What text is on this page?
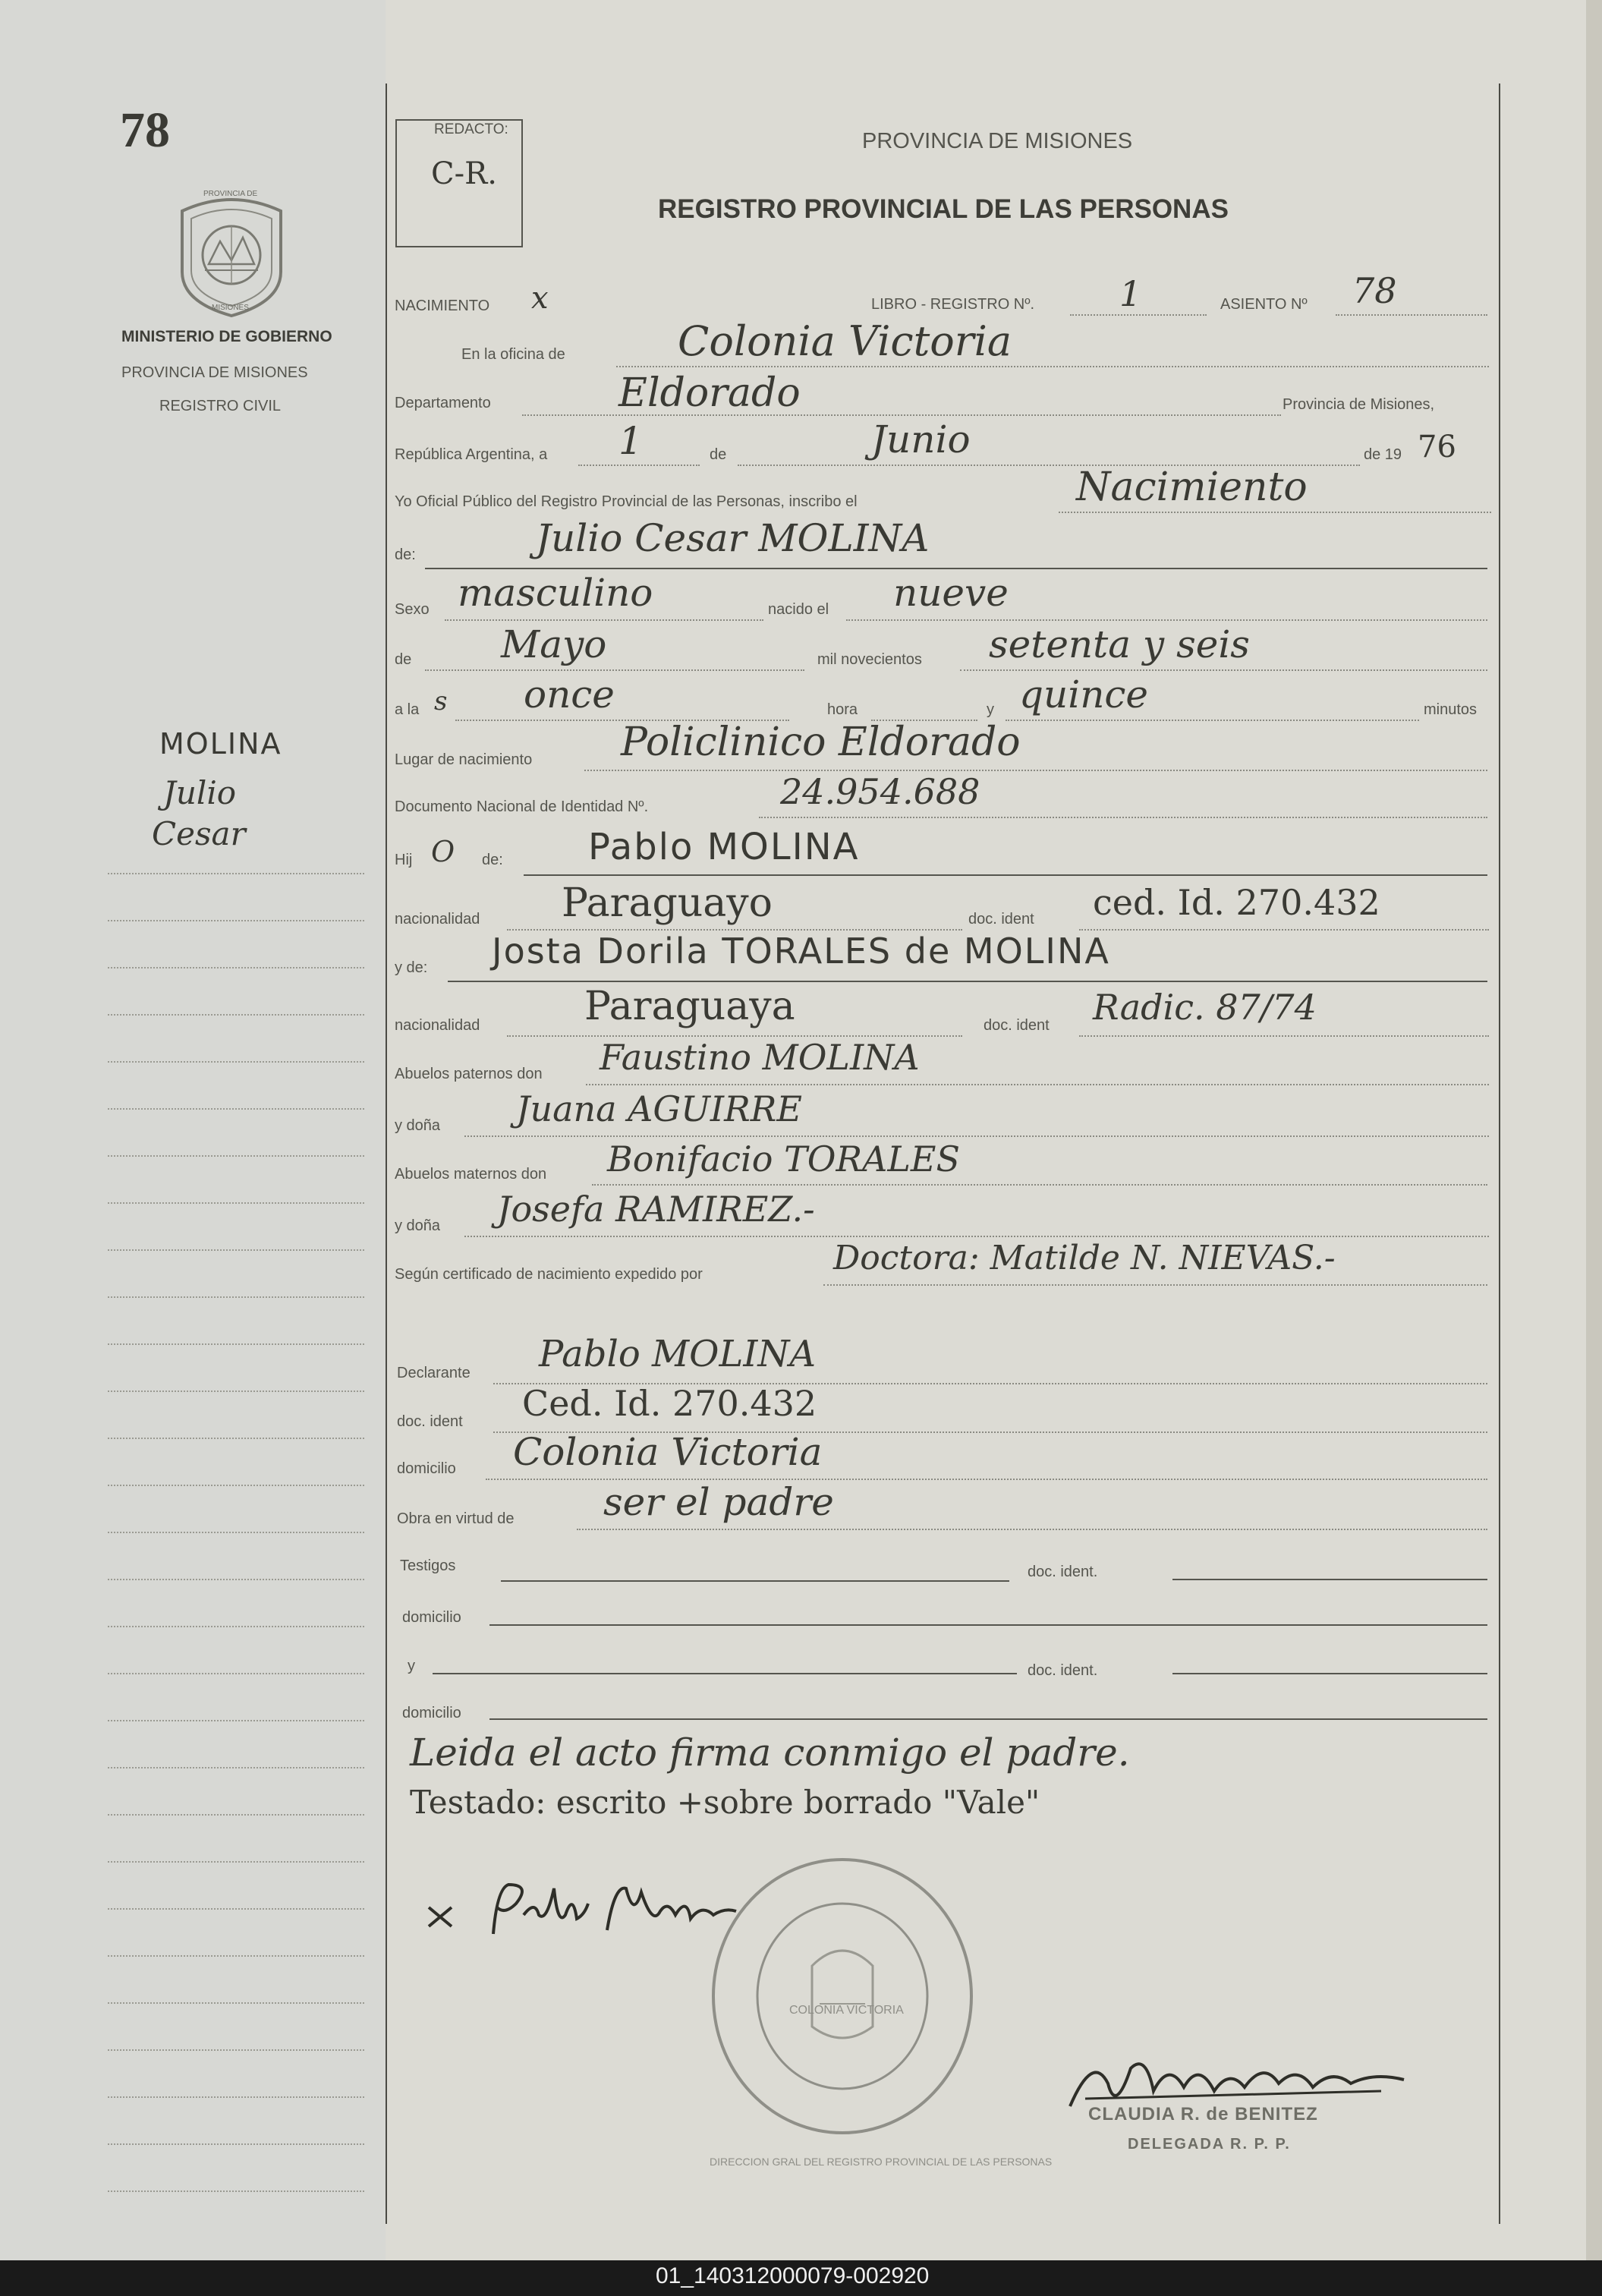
78
PROVINCIA DE
MISIONES
MINISTERIO DE GOBIERNO
PROVINCIA DE MISIONES
REGISTRO CIVIL
MOLINA
Julio
Cesar
REDACTO:
C-R.
PROVINCIA DE MISIONES
REGISTRO PROVINCIAL DE LAS PERSONAS
NACIMIENTO x	LIBRO - REGISTRO Nº. 1	ASIENTO Nº 78
En la oficina de	Colonia Victoria
Departamento	Eldorado	Provincia de Misiones,
República Argentina, a 1	de	Junio	de 19 76
Yo Oficial Público del Registro Provincial de las Personas, inscribo el	Nacimiento
de:	Julio Cesar MOLINA
Sexo masculino	nacido el nueve
de Mayo	mil novecientos setenta y seis
a la s once	hora	y quince	minutos
Lugar de nacimiento Policlinico Eldorado
Documento Nacional de Identidad Nº.	24.954.688
Hij O de: Pablo MOLINA
nacionalidad Paraguayo	doc. ident ced. Id. 270.432
y de: Josta Dorila TORALES de MOLINA
nacionalidad	Paraguaya	doc. ident Radic. 87/74
Abuelos paternos don Faustino MOLINA
y doña Juana AGUIRRE
Abuelos maternos don Bonifacio TORALES
y doña Josefa RAMIREZ.-
Según certificado de nacimiento expedido por	Doctora: Matilde N. NIEVAS.-
Declarante Pablo MOLINA
doc. ident Ced. Id. 270.432
domicilio Colonia Victoria
Obra en virtud de ser el padre
Testigos	doc. ident.
domicilio
y	doc. ident.
domicilio
Leida el acto firma conmigo el padre.
Testado: escrito +sobre borrado "Vale"
DIRECCION GRAL DEL REGISTRO PROVINCIAL DE LAS PERSONAS
COLONIA VICTORIA
CLAUDIA R. de BENITEZ
DELEGADA R. P. P.
01_140312000079-002920
